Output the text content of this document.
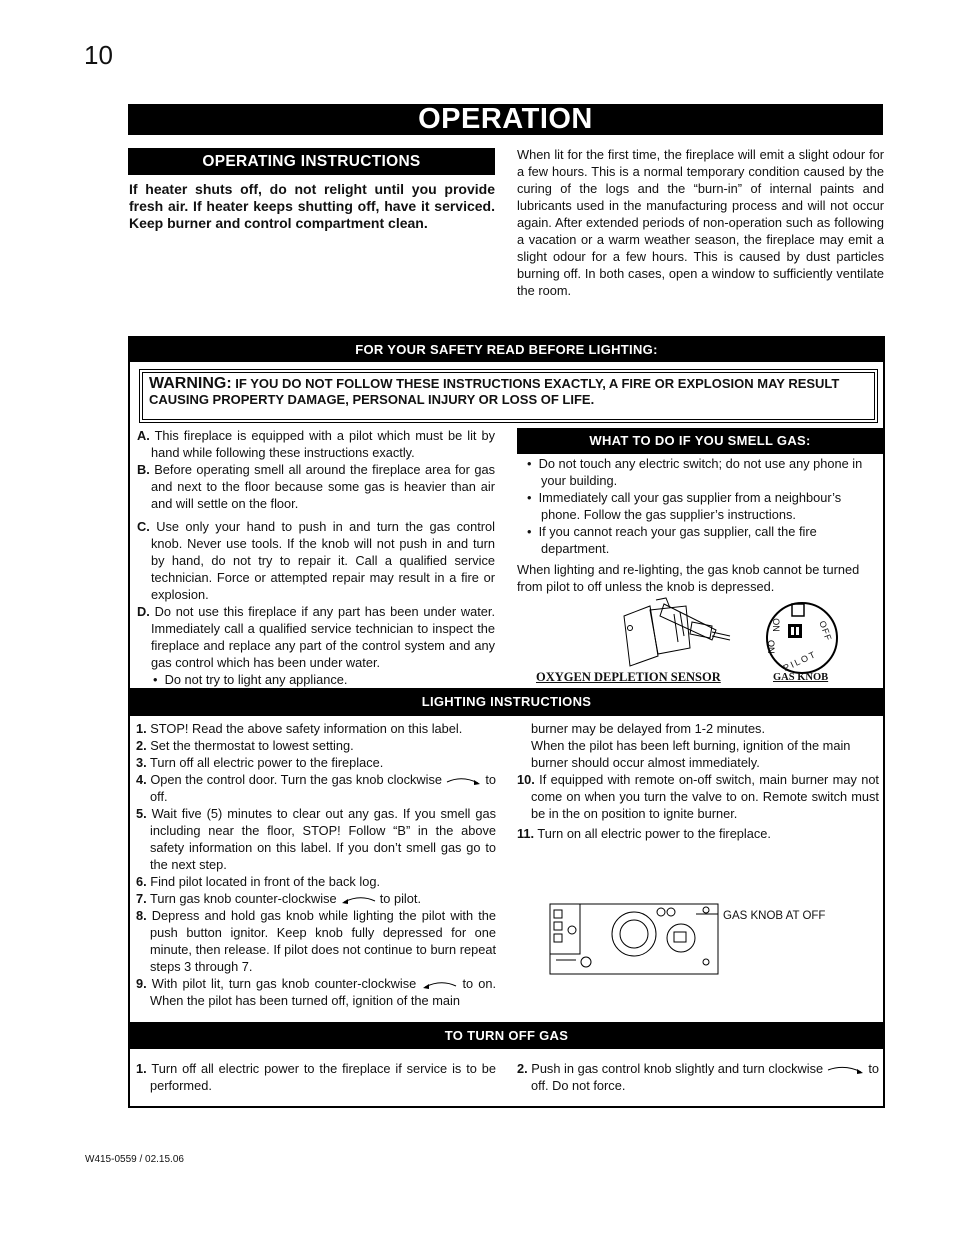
10
OPERATION
OPERATING INSTRUCTIONS
If heater shuts off, do not relight until you provide fresh air. If heater keeps shutting off, have it serviced. Keep burner and control compartment clean.
When lit for the first time, the fireplace will emit a slight odour for a few hours. This is a normal temporary condition caused by the curing of the logs and the “burn-in” of internal paints and lubricants used in the manufacturing process and will not occur again. After extended periods of non-operation such as following a vacation or a warm weather season, the fireplace may emit a slight odour for a few hours. This is caused by dust particles burning off. In both cases, open a window to sufficiently ventilate the room.
FOR YOUR SAFETY READ BEFORE LIGHTING:
WARNING: IF YOU DO NOT FOLLOW THESE INSTRUCTIONS EXACTLY, A FIRE OR EXPLOSION MAY RESULT CAUSING PROPERTY DAMAGE, PERSONAL INJURY OR LOSS OF LIFE.
A. This fireplace is equipped with a pilot which must be lit by hand while following these instructions exactly.
B. Before operating smell all around the fireplace area for gas and next to the floor because some gas is heavier than air and will settle on the floor.
C. Use only your hand to push in and turn the gas control knob. Never use tools. If the knob will not push in and turn by hand, do not try to repair it. Call a qualified service technician. Force or attempted repair may result in a fire or explosion.
D. Do not use this fireplace if any part has been under water. Immediately call a qualified service technician to inspect the fireplace and replace any part of the control system and any gas control which has been under water.
•  Do not try to light any appliance.
WHAT TO DO IF YOU SMELL GAS:
•  Do not touch any electric switch; do not use any phone in your building.
•  Immediately call your gas supplier from a neighbour’s phone. Follow the gas supplier’s instructions.
•  If you cannot reach your gas supplier, call the fire department.
When lighting and re-lighting, the gas knob cannot be turned from pilot to off unless the knob is depressed.
OXYGEN DEPLETION SENSOR
ON
ON	OFF
PILOT
GAS KNOB
LIGHTING INSTRUCTIONS
1. STOP! Read the above safety information on this label.
2. Set the thermostat to lowest setting.
3. Turn off all electric power to the fireplace.
4. Open the control door. Turn the gas knob clockwise	to off.
5. Wait five (5) minutes to clear out any gas. If you smell gas including near the floor, STOP! Follow “B” in the above safety information on this label. If you don’t smell gas go to the next step.
6. Find pilot located in front of the back log.
7. Turn gas knob counter-clockwise	to pilot.
8. Depress and hold gas knob while lighting the pilot with the push button ignitor. Keep knob fully depressed for one minute, then release. If pilot does not continue to burn repeat steps 3 through 7.
9. With pilot lit, turn gas knob counter-clockwise	to on. When the pilot has been turned off, ignition of the main
burner may be delayed from 1-2 minutes.
When the pilot has been left burning, ignition of the main burner should occur almost immediately.
10. If equipped with remote on-off switch, main burner may not come on when you turn the valve to on. Remote switch must be in the on position to ignite burner.
11. Turn on all electric power to the fireplace.
GAS KNOB AT OFF
TO TURN OFF GAS
1. Turn off all electric power to the fireplace if service is to be performed.
2. Push in gas control knob slightly and turn clockwise	to off. Do not force.
W415-0559 / 02.15.06
